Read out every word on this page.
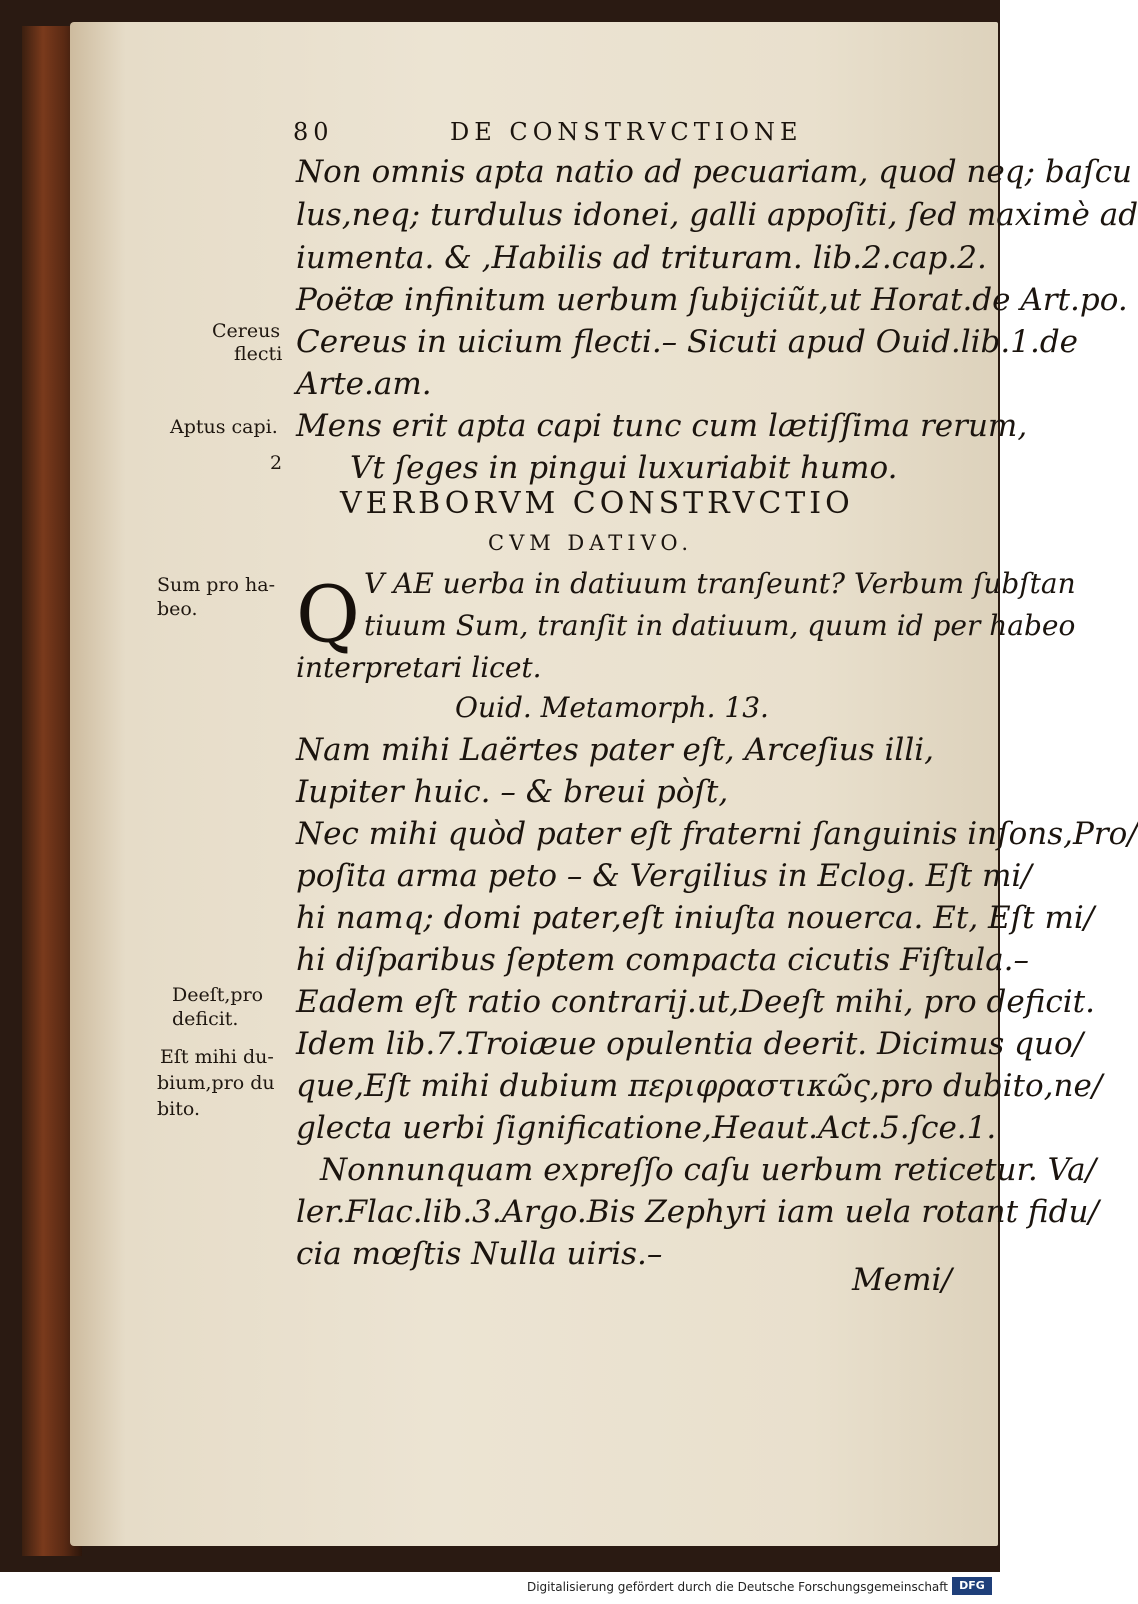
80	DE CONSTRVCTIONE
Non omnis apta natio ad pecuariam, quod neq; baſcu
lus,neq; turdulus idonei, galli appoſiti, ſed maximè ad
iumenta. & ,Habilis ad trituram. lib.2.cap.2.
Poëtæ infinitum uerbum ſubijciũt,ut Horat.de Art.po.
Cereus in uicium flecti.– Sicuti apud Ouid.lib.1.de
Arte.am.
Mens erit apta capi tunc cum lætiſſima rerum,
Vt ſeges in pingui luxuriabit humo.
VERBORVM CONSTRVCTIO
CVM DATIVO.
Q V AE uerba in datiuum tranſeunt? Verbum ſubſtan
tiuum Sum, tranſit in datiuum, quum id per habeo
interpretari licet.
Ouid. Metamorph. 13.
Nam mihi Laërtes pater eſt, Arceſius illi,
Iupiter huic. – & breui pòſt,
Nec mihi quòd pater eſt fraterni ſanguinis inſons,Pro/
poſita arma peto – & Vergilius in Eclog. Eſt mi/
hi namq; domi pater,eſt iniuſta nouerca. Et, Eſt mi/
hi diſparibus ſeptem compacta cicutis Fiſtula.–
Eadem eſt ratio contrarij.ut,Deeſt mihi, pro deficit.
Idem lib.7.Troiæue opulentia deerit. Dicimus quo/
que,Eſt mihi dubium περιφραστικῶς,pro dubito,ne/
glecta uerbi ſignificatione,Heaut.Act.5.ſce.1.
Nonnunquam expreſſo caſu uerbum reticetur. Va/
ler.Flac.lib.3.Argo.Bis Zephyri iam uela rotant fidu/
cia mœſtis Nulla uiris.–
Memi/
Cereus
flecti
Aptus capi.
2
Sum pro ha-
beo.
Deeſt,pro
deficit.
Eſt mihi du-
bium,pro du
bito.
Digitalisierung gefördert durch die Deutsche Forschungsgemeinschaft	DFG
